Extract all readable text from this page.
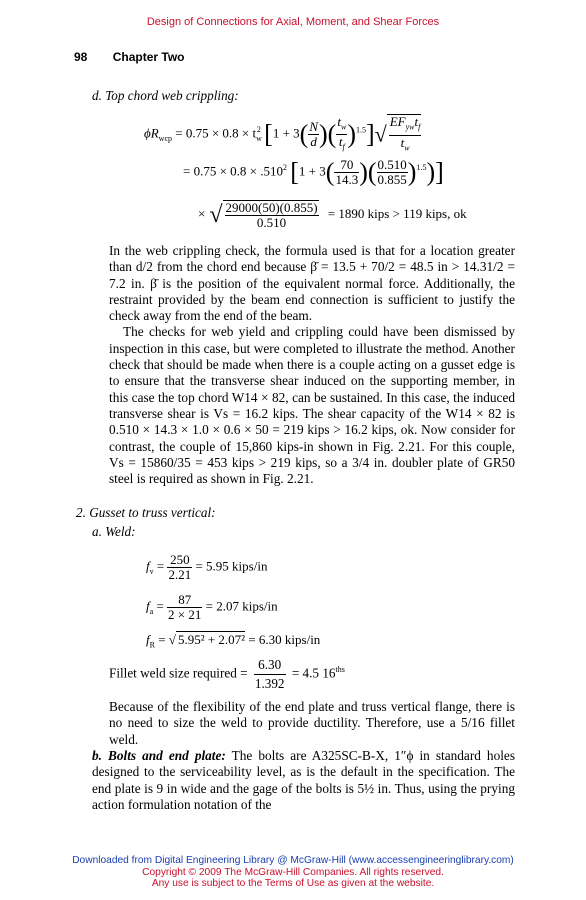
Design of Connections for Axial, Moment, and Shear Forces
98 Chapter Two
d. Top chord web crippling:
$\phi R_{wcp} = 0.75 \times 0.8 \times t_w^2$ [$1 + 3( \frac{N}{d}$ )( $\frac{t_w}{t_f} )^{1.5}]√ \frac{EF_{yw}t_f}{t_w}$
= $0.75 \times 0.8 \times .510^2$ [$1 + 3( \frac{70}{14.3}$ )( $\frac{0.510}{0.855} )^{1.5}$)]
× √ $\frac{29000(50)(0.855)}{0.510} = 1890$ kips > 119 kips, ok

In the web crippling check, the formula used is that for a location greater than d/2 from the chord end because β̄ = 13.5 + 70/2 = 48.5 in > 14.31/2 = 7.2 in. β̄ is the position of the equivalent normal force. Additionally, the restraint provided by the beam end connection is sufficient to justify the check away from the end of the beam.

The checks for web yield and crippling could have been dismissed by inspection in this case, but were completed to illustrate the method. Another check that should be made when there is a couple acting on a gusset edge is to ensure that the transverse shear induced on the supporting member, in this case the top chord W14 × 82, can be sustained. In this case, the induced transverse shear is Vs = 16.2 kips. The shear capacity of the W14 × 82 is 0.510 × 14.3 × 1.0 × 0.6 × 50 = 219 kips > 16.2 kips, ok. Now consider for contrast, the couple of 15,860 kips-in shown in Fig. 2.21. For this couple, Vs = 15860/35 = 453 kips > 219 kips, so a 3/4 in. doubler plate of GR50 steel is required as shown in Fig. 2.21.

2. Gusset to truss vertical:
a. Weld:
$f_v = \frac{250}{2.21} = 5.95$ kips/in
$f_a = \frac{87}{2 \times 21} = 2.07$ kips/in
$f_R$ = √ 5.95² + 2.07² = 6.30 kips/in
Fillet weld size required = $\frac{6.30}{1.392} = 4.5$ $16^{ths}$

Because of the flexibility of the end plate and truss vertical flange, there is no need to size the weld to provide ductility. Therefore, use a 5/16 fillet weld.

b. Bolts and end plate: The bolts are A325SC-B-X, 1″ϕ in standard holes designed to the serviceability level, as is the default in the specification. The end plate is 9 in wide and the gage of the bolts is 5½ in. Thus, using the prying action formulation notation of the

Downloaded from Digital Engineering Library @ McGraw-Hill (www.accessengineeringlibrary.com)
Copyright © 2009 The McGraw-Hill Companies. All rights reserved.
Any use is subject to the Terms of Use as given at the website.
